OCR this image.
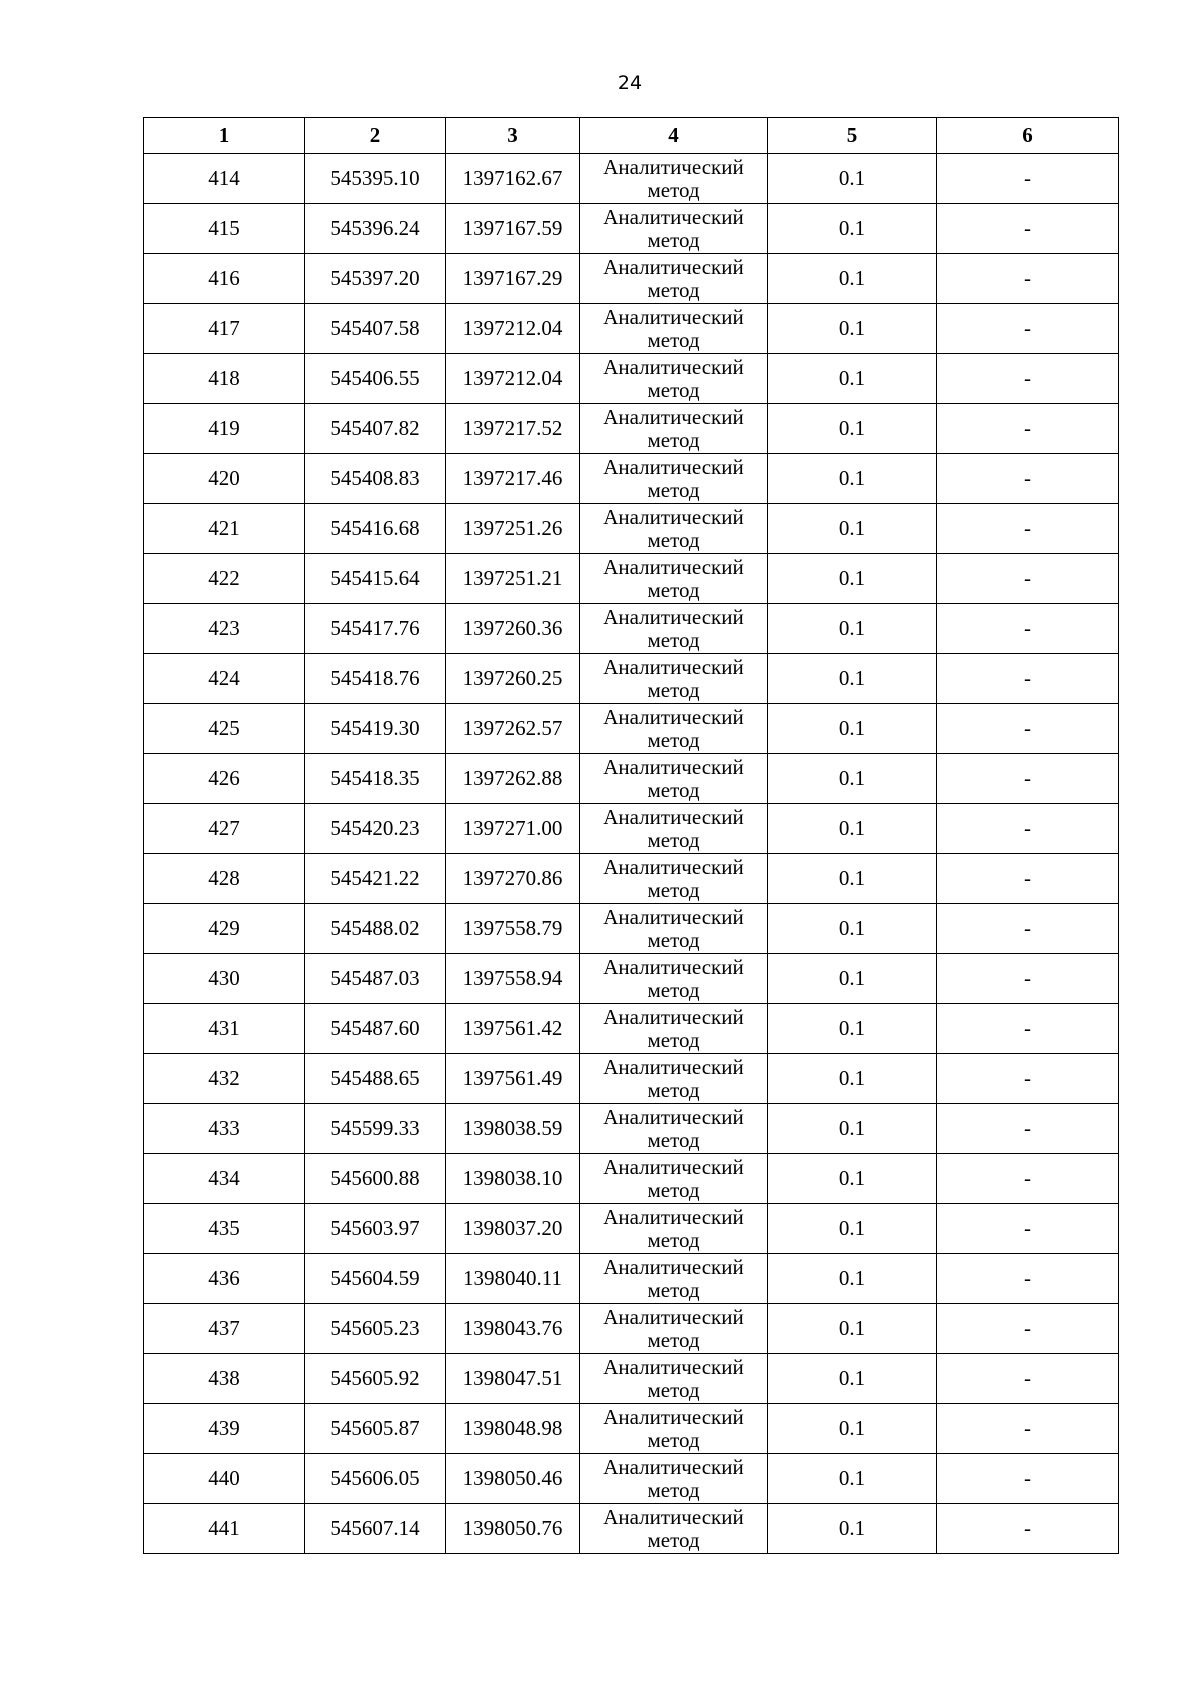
24
1	2	3	4	5	6
414	545395.10	1397162.67	Аналитический метод	0.1	-
415	545396.24	1397167.59	Аналитический метод	0.1	-
416	545397.20	1397167.29	Аналитический метод	0.1	-
417	545407.58	1397212.04	Аналитический метод	0.1	-
418	545406.55	1397212.04	Аналитический метод	0.1	-
419	545407.82	1397217.52	Аналитический метод	0.1	-
420	545408.83	1397217.46	Аналитический метод	0.1	-
421	545416.68	1397251.26	Аналитический метод	0.1	-
422	545415.64	1397251.21	Аналитический метод	0.1	-
423	545417.76	1397260.36	Аналитический метод	0.1	-
424	545418.76	1397260.25	Аналитический метод	0.1	-
425	545419.30	1397262.57	Аналитический метод	0.1	-
426	545418.35	1397262.88	Аналитический метод	0.1	-
427	545420.23	1397271.00	Аналитический метод	0.1	-
428	545421.22	1397270.86	Аналитический метод	0.1	-
429	545488.02	1397558.79	Аналитический метод	0.1	-
430	545487.03	1397558.94	Аналитический метод	0.1	-
431	545487.60	1397561.42	Аналитический метод	0.1	-
432	545488.65	1397561.49	Аналитический метод	0.1	-
433	545599.33	1398038.59	Аналитический метод	0.1	-
434	545600.88	1398038.10	Аналитический метод	0.1	-
435	545603.97	1398037.20	Аналитический метод	0.1	-
436	545604.59	1398040.11	Аналитический метод	0.1	-
437	545605.23	1398043.76	Аналитический метод	0.1	-
438	545605.92	1398047.51	Аналитический метод	0.1	-
439	545605.87	1398048.98	Аналитический метод	0.1	-
440	545606.05	1398050.46	Аналитический метод	0.1	-
441	545607.14	1398050.76	Аналитический метод	0.1	-
